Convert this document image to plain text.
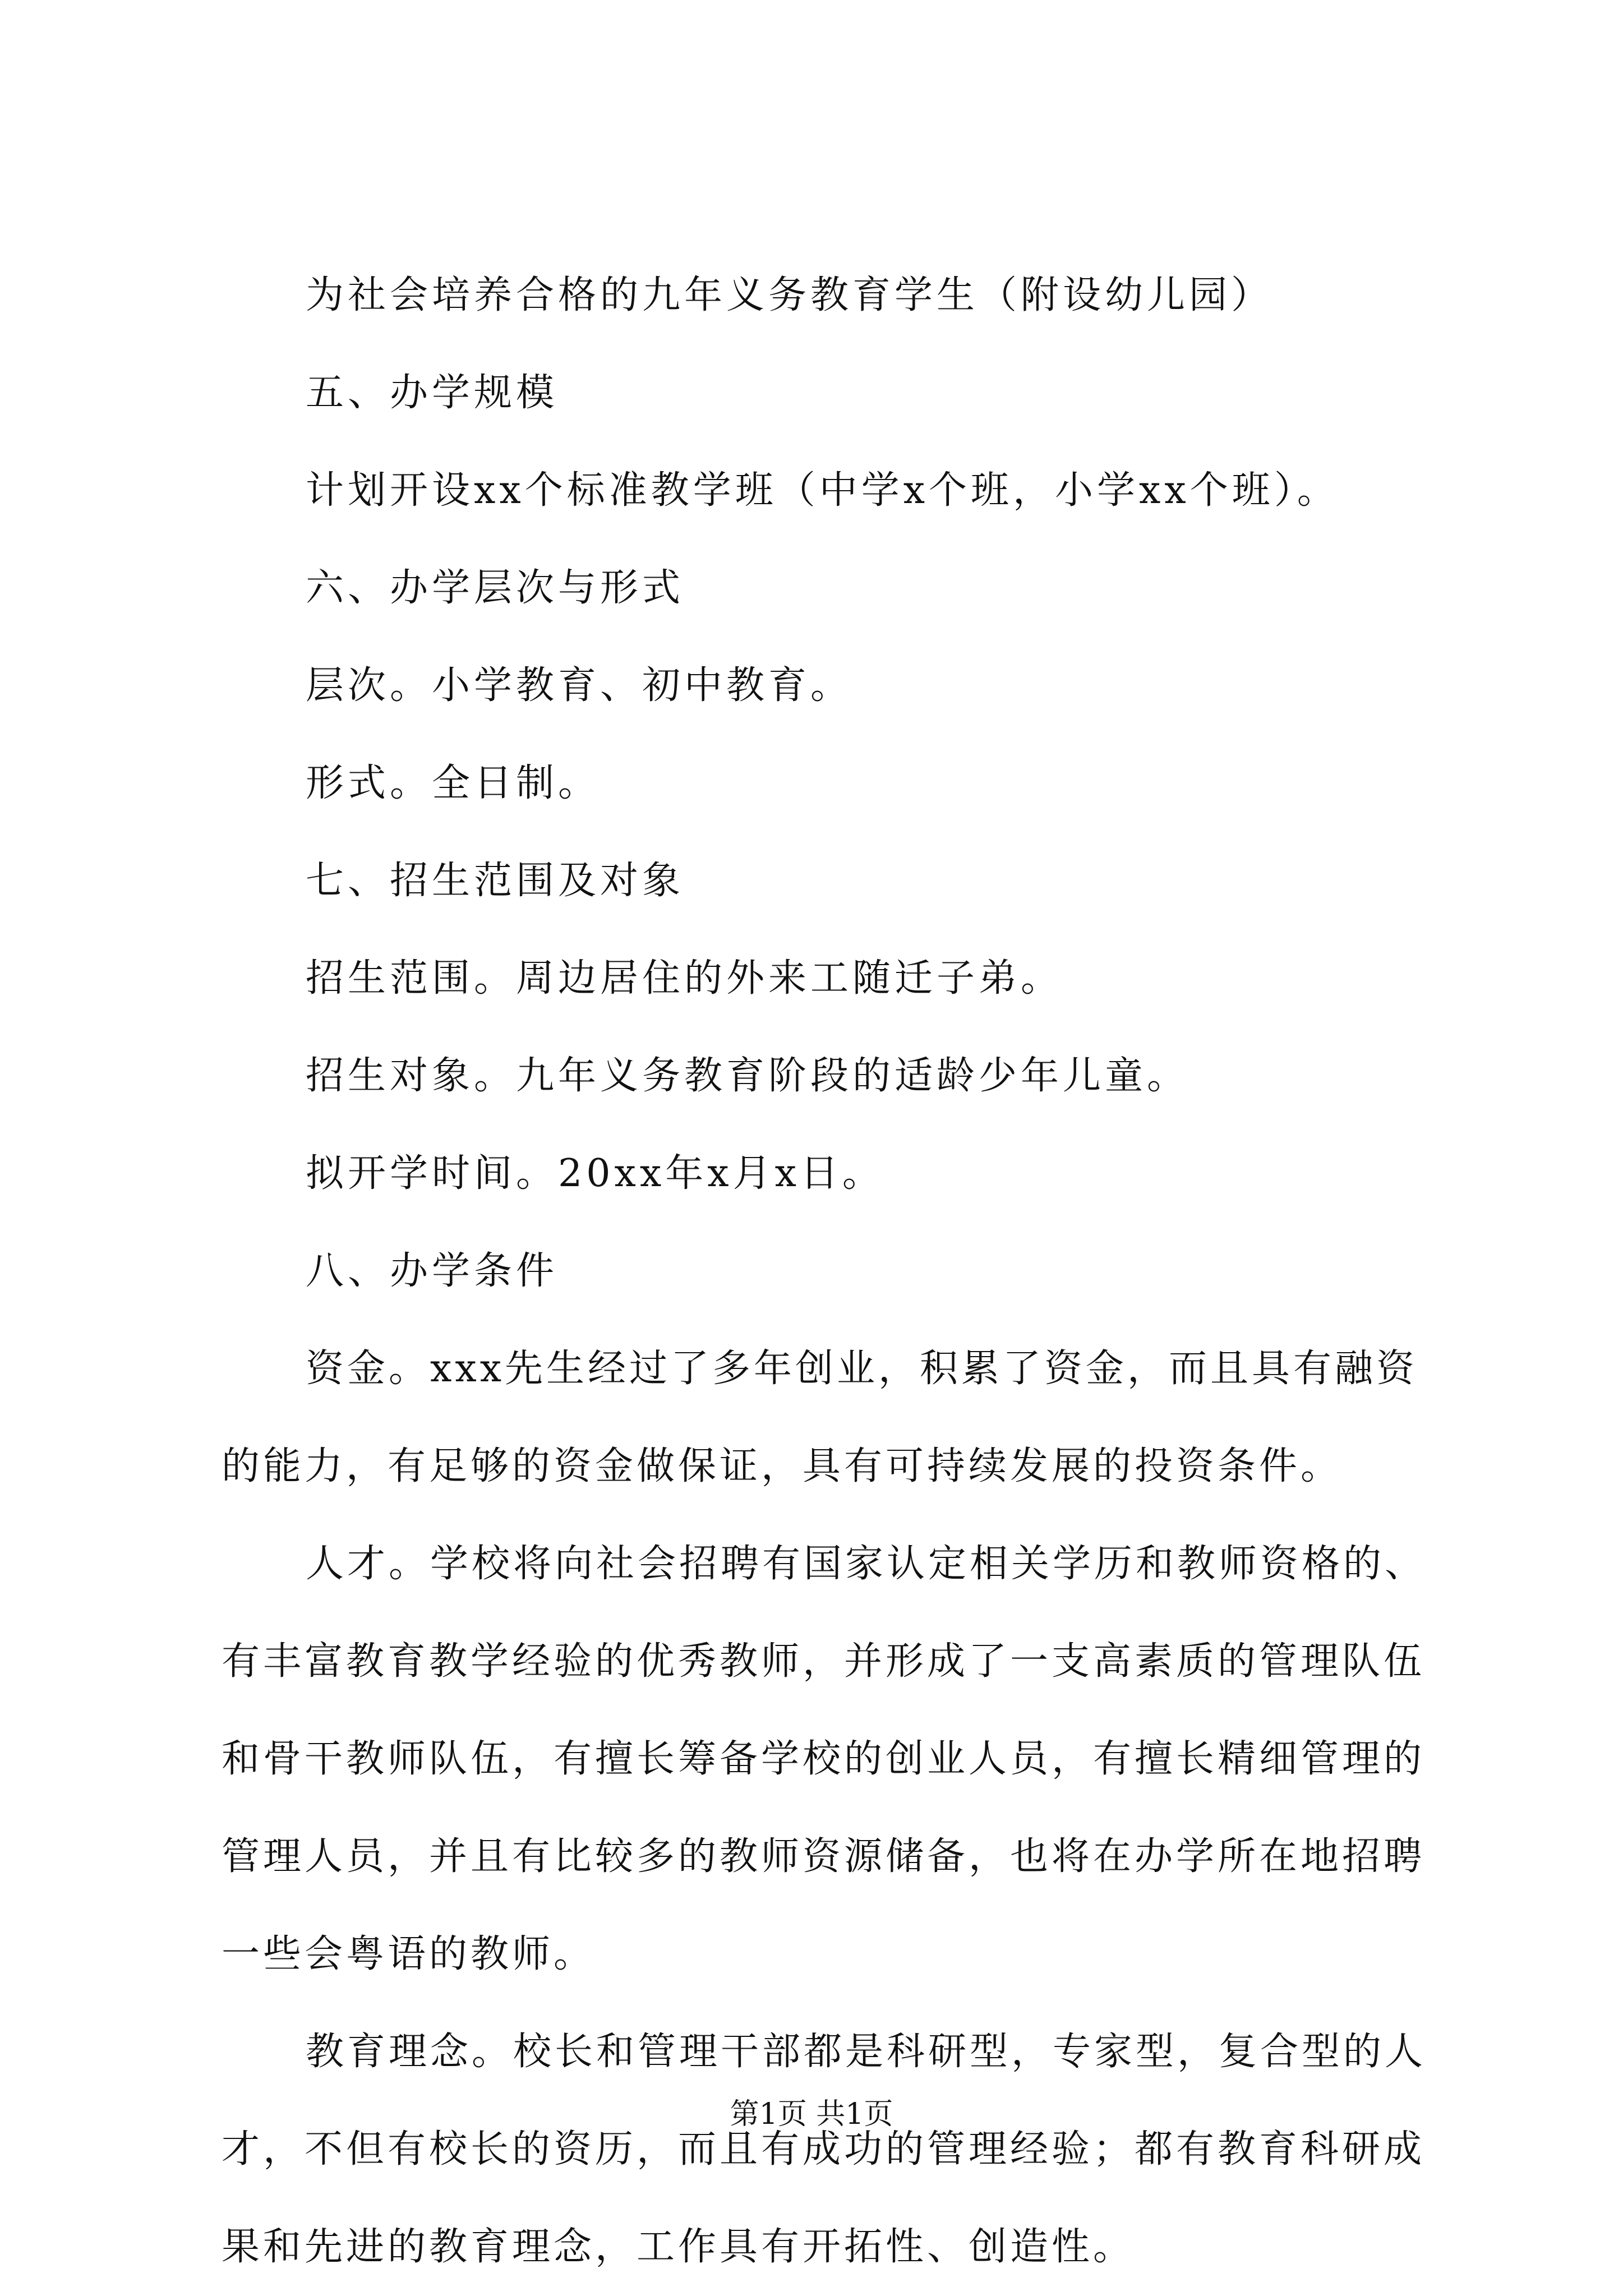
为社会培养合格的九年义务教育学生（附设幼儿园）
五、办学规模
计划开设xx个标准教学班（中学x个班，小学xx个班）。
六、办学层次与形式
层次。小学教育、初中教育。
形式。全日制。
七、招生范围及对象
招生范围。周边居住的外来工随迁子弟。
招生对象。九年义务教育阶段的适龄少年儿童。
拟开学时间。20xx年x月x日。
八、办学条件

资金。xxx先生经过了多年创业，积累了资金，而且具有融资的能力，有足够的资金做保证，具有可持续发展的投资条件。

人才。学校将向社会招聘有国家认定相关学历和教师资格的、有丰富教育教学经验的优秀教师，并形成了一支高素质的管理队伍和骨干教师队伍，有擅长筹备学校的创业人员，有擅长精细管理的管理人员，并且有比较多的教师资源储备，也将在办学所在地招聘一些会粤语的教师。

教育理念。校长和管理干部都是科研型，专家型，复合型的人才，不但有校长的资历，而且有成功的管理经验；都有教育科研成果和先进的教育理念，工作具有开拓性、创造性。

第1页 共1页
